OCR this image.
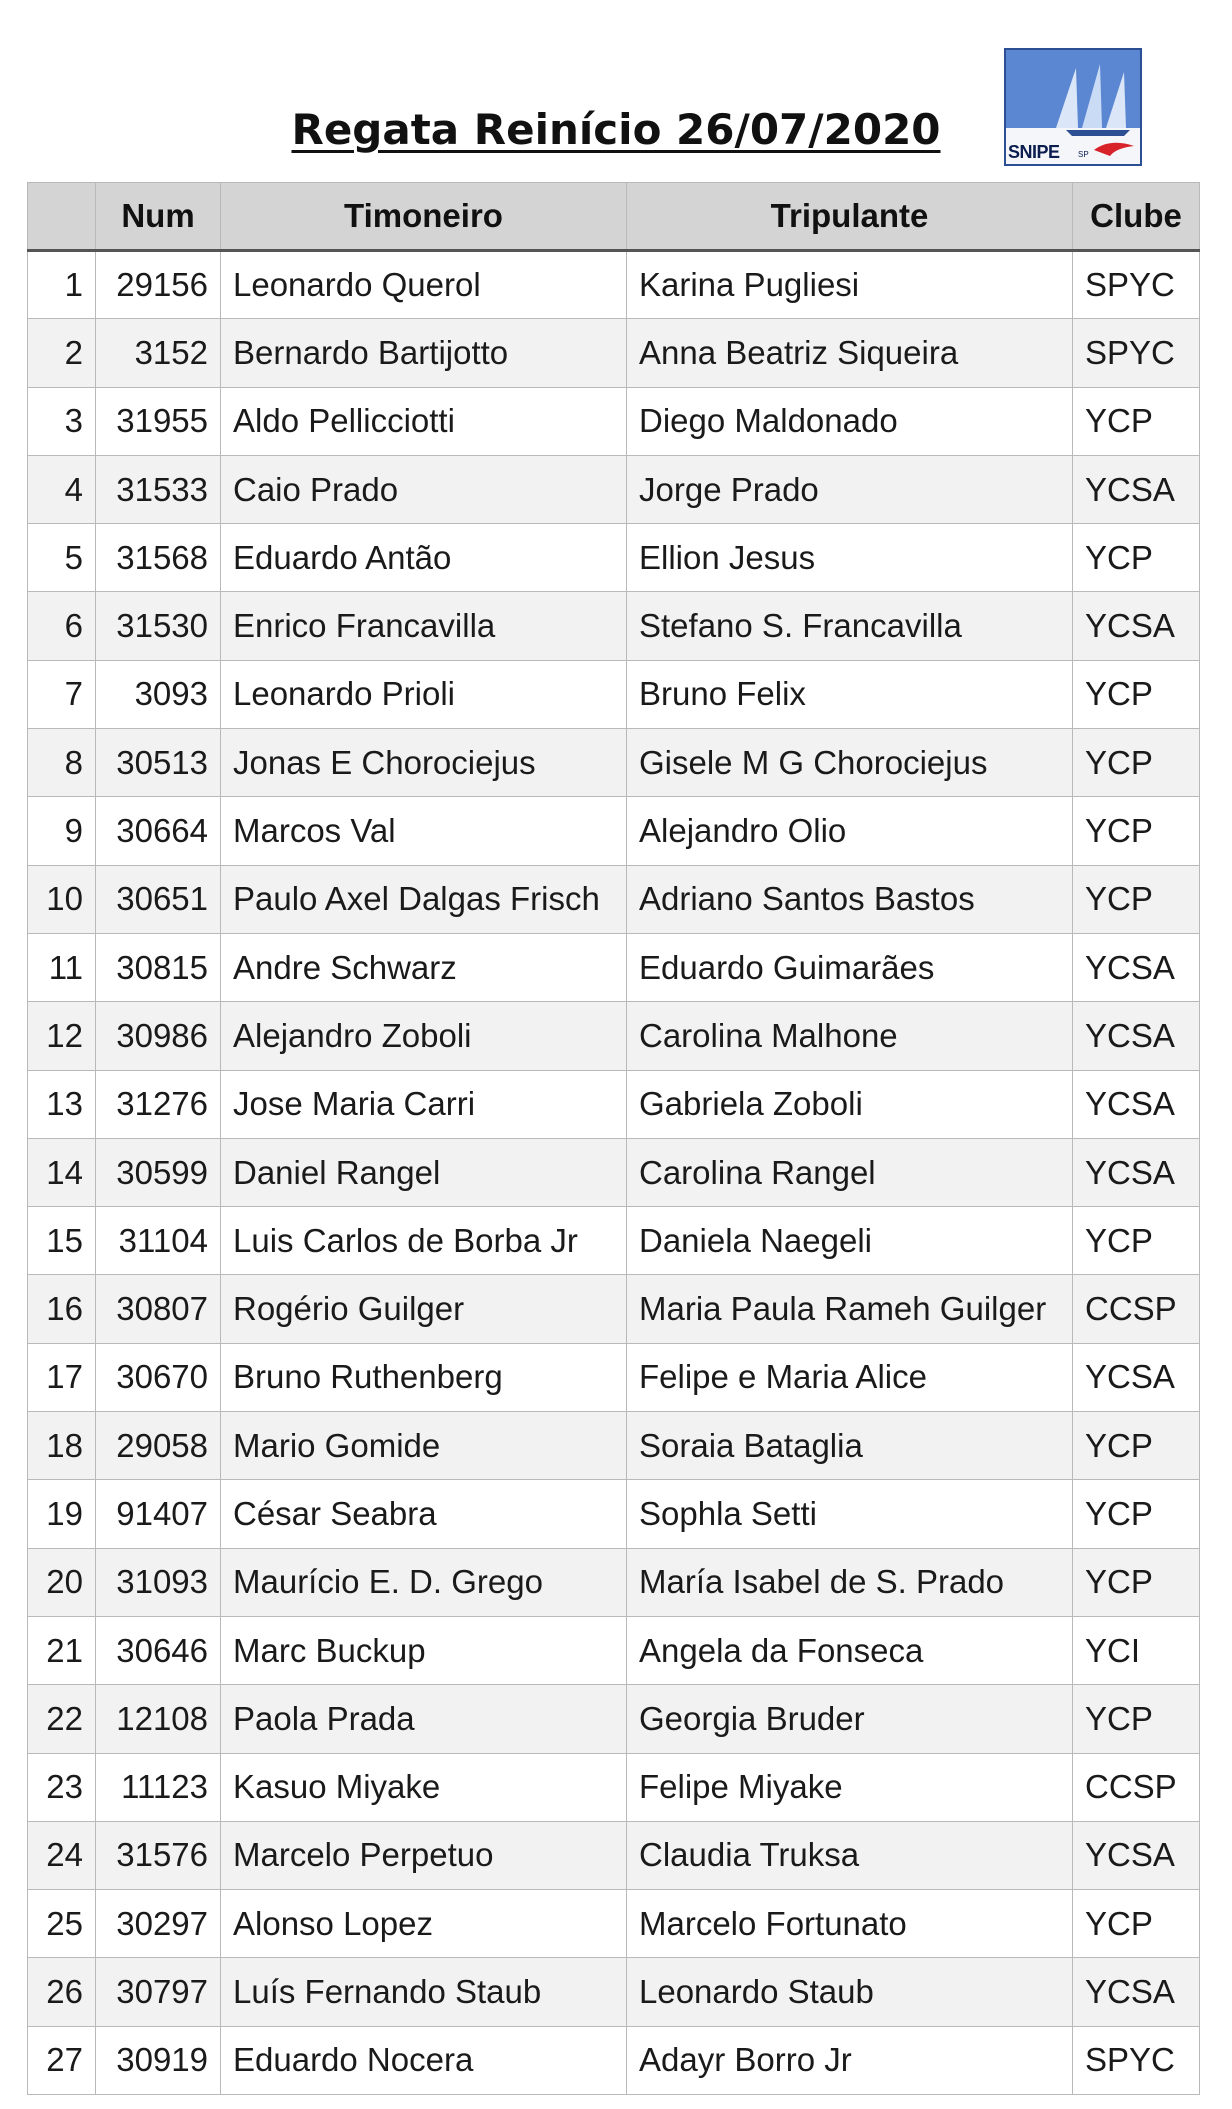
Regata Reinício 26/07/2020	SNIPE SP
	Num	Timoneiro	Tripulante	Clube
1	29156	Leonardo Querol	Karina Pugliesi	SPYC
2	3152	Bernardo Bartijotto	Anna Beatriz Siqueira	SPYC
3	31955	Aldo Pellicciotti	Diego Maldonado	YCP
4	31533	Caio Prado	Jorge Prado	YCSA
5	31568	Eduardo Antão	Ellion Jesus	YCP
6	31530	Enrico Francavilla	Stefano S. Francavilla	YCSA
7	3093	Leonardo Prioli	Bruno Felix	YCP
8	30513	Jonas E Chorociejus	Gisele M G Chorociejus	YCP
9	30664	Marcos Val	Alejandro Olio	YCP
10	30651	Paulo Axel Dalgas Frisch	Adriano Santos Bastos	YCP
11	30815	Andre Schwarz	Eduardo Guimarães	YCSA
12	30986	Alejandro Zoboli	Carolina Malhone	YCSA
13	31276	Jose Maria Carri	Gabriela Zoboli	YCSA
14	30599	Daniel Rangel	Carolina Rangel	YCSA
15	31104	Luis Carlos de Borba Jr	Daniela Naegeli	YCP
16	30807	Rogério Guilger	Maria Paula Rameh Guilger	CCSP
17	30670	Bruno Ruthenberg	Felipe e Maria Alice	YCSA
18	29058	Mario Gomide	Soraia Bataglia	YCP
19	91407	César Seabra	Sophla Setti	YCP
20	31093	Maurício E. D. Grego	María Isabel de S. Prado	YCP
21	30646	Marc Buckup	Angela da Fonseca	YCI
22	12108	Paola Prada	Georgia Bruder	YCP
23	11123	Kasuo Miyake	Felipe Miyake	CCSP
24	31576	Marcelo Perpetuo	Claudia Truksa	YCSA
25	30297	Alonso Lopez	Marcelo Fortunato	YCP
26	30797	Luís Fernando Staub	Leonardo Staub	YCSA
27	30919	Eduardo Nocera	Adayr Borro Jr	SPYC
